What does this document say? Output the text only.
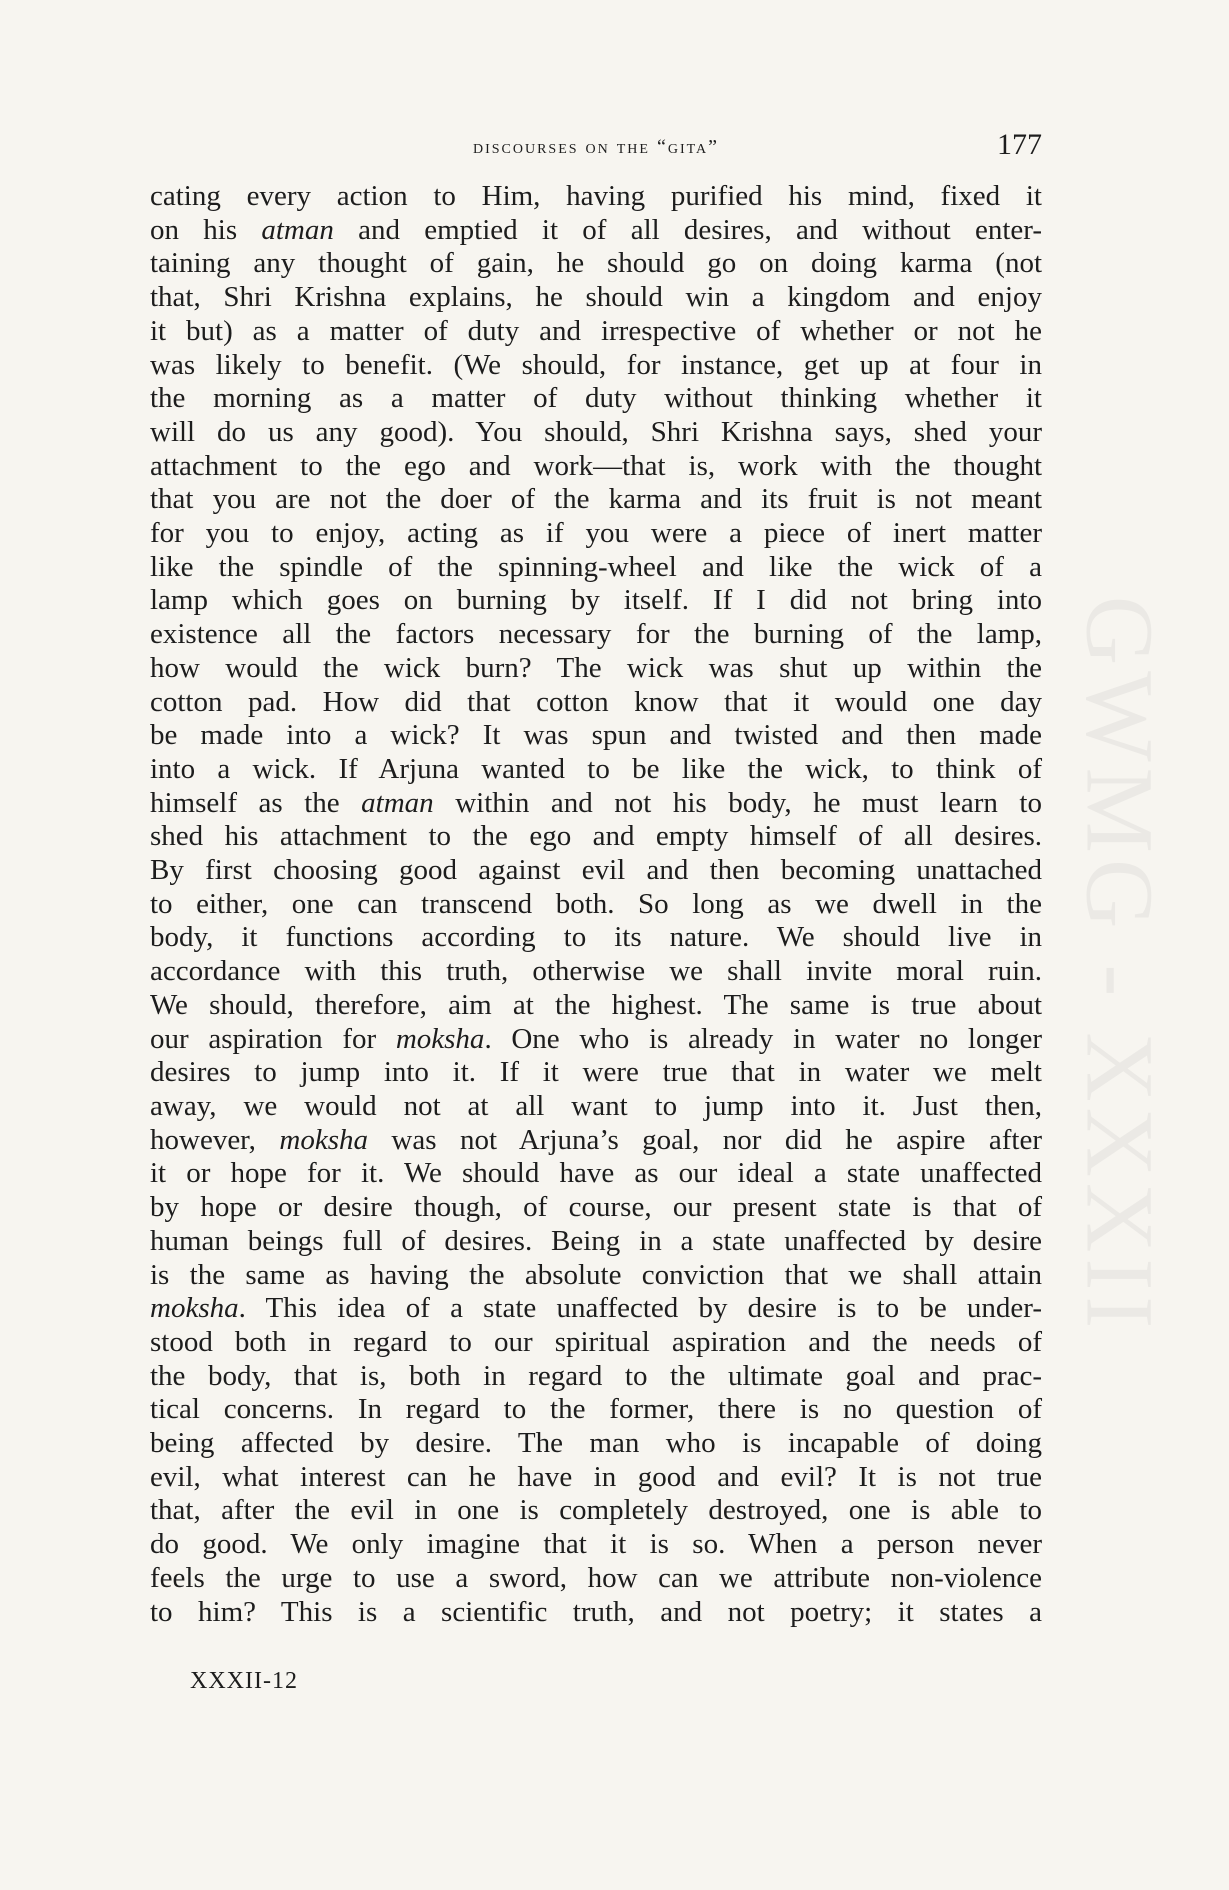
discourses on the “gita”	177
cating every action to Him, having purified his mind, fixed it
on his atman and emptied it of all desires, and without enter-
taining any thought of gain, he should go on doing karma (not
that, Shri Krishna explains, he should win a kingdom and enjoy
it but) as a matter of duty and irrespective of whether or not he
was likely to benefit. (We should, for instance, get up at four in
the morning as a matter of duty without thinking whether it
will do us any good). You should, Shri Krishna says, shed your
attachment to the ego and work—that is, work with the thought
that you are not the doer of the karma and its fruit is not meant
for you to enjoy, acting as if you were a piece of inert matter
like the spindle of the spinning-wheel and like the wick of a
lamp which goes on burning by itself. If I did not bring into
existence all the factors necessary for the burning of the lamp,
how would the wick burn? The wick was shut up within the
cotton pad. How did that cotton know that it would one day
be made into a wick? It was spun and twisted and then made
into a wick. If Arjuna wanted to be like the wick, to think of
himself as the atman within and not his body, he must learn to
shed his attachment to the ego and empty himself of all desires.
By first choosing good against evil and then becoming unattached
to either, one can transcend both. So long as we dwell in the
body, it functions according to its nature. We should live in
accordance with this truth, otherwise we shall invite moral ruin.
We should, therefore, aim at the highest. The same is true about
our aspiration for moksha. One who is already in water no longer
desires to jump into it. If it were true that in water we melt
away, we would not at all want to jump into it. Just then,
however, moksha was not Arjuna’s goal, nor did he aspire after
it or hope for it. We should have as our ideal a state unaffected
by hope or desire though, of course, our present state is that of
human beings full of desires. Being in a state unaffected by desire
is the same as having the absolute conviction that we shall attain
moksha. This idea of a state unaffected by desire is to be under-
stood both in regard to our spiritual aspiration and the needs of
the body, that is, both in regard to the ultimate goal and prac-
tical concerns. In regard to the former, there is no question of
being affected by desire. The man who is incapable of doing
evil, what interest can he have in good and evil? It is not true
that, after the evil in one is completely destroyed, one is able to
do good. We only imagine that it is so. When a person never
feels the urge to use a sword, how can we attribute non-violence
to him? This is a scientific truth, and not poetry; it states a
XXXII-12
GWMG - XXXII
